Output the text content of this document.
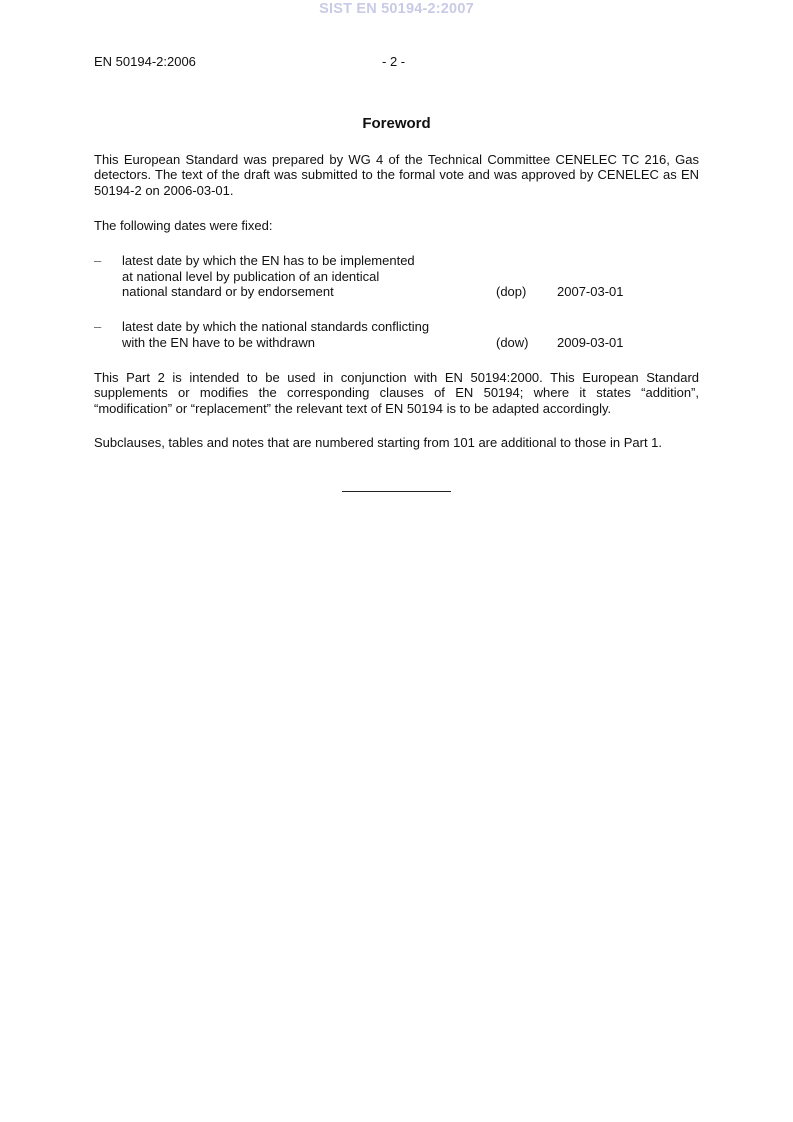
SIST EN 50194-2:2007
EN 50194-2:2006	- 2 -
Foreword
This European Standard was prepared by WG 4 of the Technical Committee CENELEC TC 216, Gas detectors. The text of the draft was submitted to the formal vote and was approved by CENELEC as EN 50194-2 on 2006-03-01.
The following dates were fixed:
– latest date by which the EN has to be implemented
at national level by publication of an identical
national standard or by endorsement	(dop) 2007-03-01
– latest date by which the national standards conflicting
with the EN have to be withdrawn	(dow) 2009-03-01
This Part 2 is intended to be used in conjunction with EN 50194:2000. This European Standard supplements or modifies the corresponding clauses of EN 50194; where it states “addition”, “modification” or “replacement” the relevant text of EN 50194 is to be adapted accordingly.
Subclauses, tables and notes that are numbered starting from 101 are additional to those in Part 1.
